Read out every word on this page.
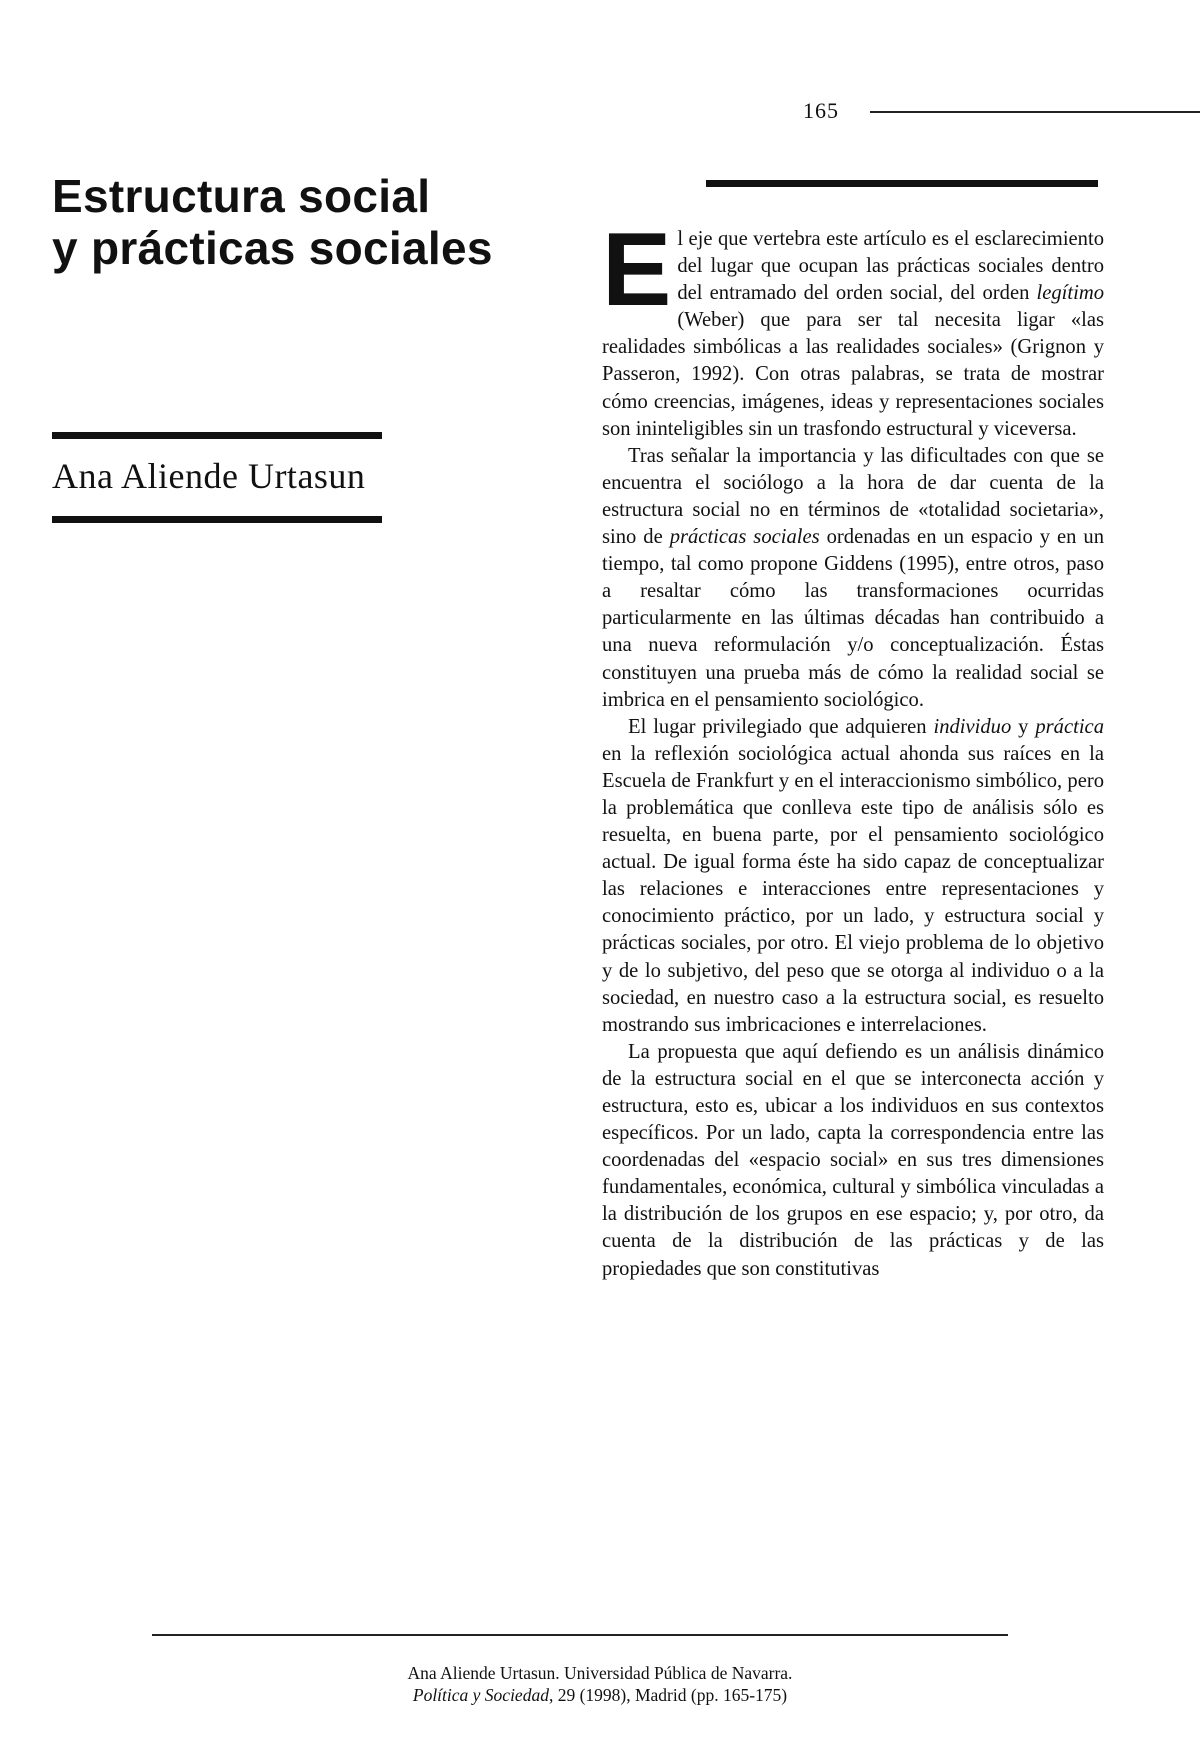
165
Estructura social
y prácticas sociales
Ana Aliende Urtasun

El eje que vertebra este artículo es el esclarecimiento del lugar que ocupan las prácticas sociales dentro del entramado del orden social, del orden legítimo (Weber) que para ser tal necesita ligar «las realidades simbólicas a las realidades sociales» (Grignon y Passeron, 1992). Con otras palabras, se trata de mostrar cómo creencias, imágenes, ideas y representaciones sociales son ininteligibles sin un trasfondo estructural y viceversa.

Tras señalar la importancia y las dificultades con que se encuentra el sociólogo a la hora de dar cuenta de la estructura social no en términos de «totalidad societaria», sino de prácticas sociales ordenadas en un espacio y en un tiempo, tal como propone Giddens (1995), entre otros, paso a resaltar cómo las transformaciones ocurridas particularmente en las últimas décadas han contribuido a una nueva reformulación y/o conceptualización. Éstas constituyen una prueba más de cómo la realidad social se imbrica en el pensamiento sociológico.

El lugar privilegiado que adquieren individuo y práctica en la reflexión sociológica actual ahonda sus raíces en la Escuela de Frankfurt y en el interaccionismo simbólico, pero la problemática que conlleva este tipo de análisis sólo es resuelta, en buena parte, por el pensamiento sociológico actual. De igual forma éste ha sido capaz de conceptualizar las relaciones e interacciones entre representaciones y conocimiento práctico, por un lado, y estructura social y prácticas sociales, por otro. El viejo problema de lo objetivo y de lo subjetivo, del peso que se otorga al individuo o a la sociedad, en nuestro caso a la estructura social, es resuelto mostrando sus imbricaciones e interrelaciones.

La propuesta que aquí defiendo es un análisis dinámico de la estructura social en el que se interconecta acción y estructura, esto es, ubicar a los individuos en sus contextos específicos. Por un lado, capta la correspondencia entre las coordenadas del «espacio social» en sus tres dimensiones fundamentales, económica, cultural y simbólica vinculadas a la distribución de los grupos en ese espacio; y, por otro, da cuenta de la distribución de las prácticas y de las propiedades que son constitutivas

Ana Aliende Urtasun. Universidad Pública de Navarra.
Política y Sociedad, 29 (1998), Madrid (pp. 165-175)
